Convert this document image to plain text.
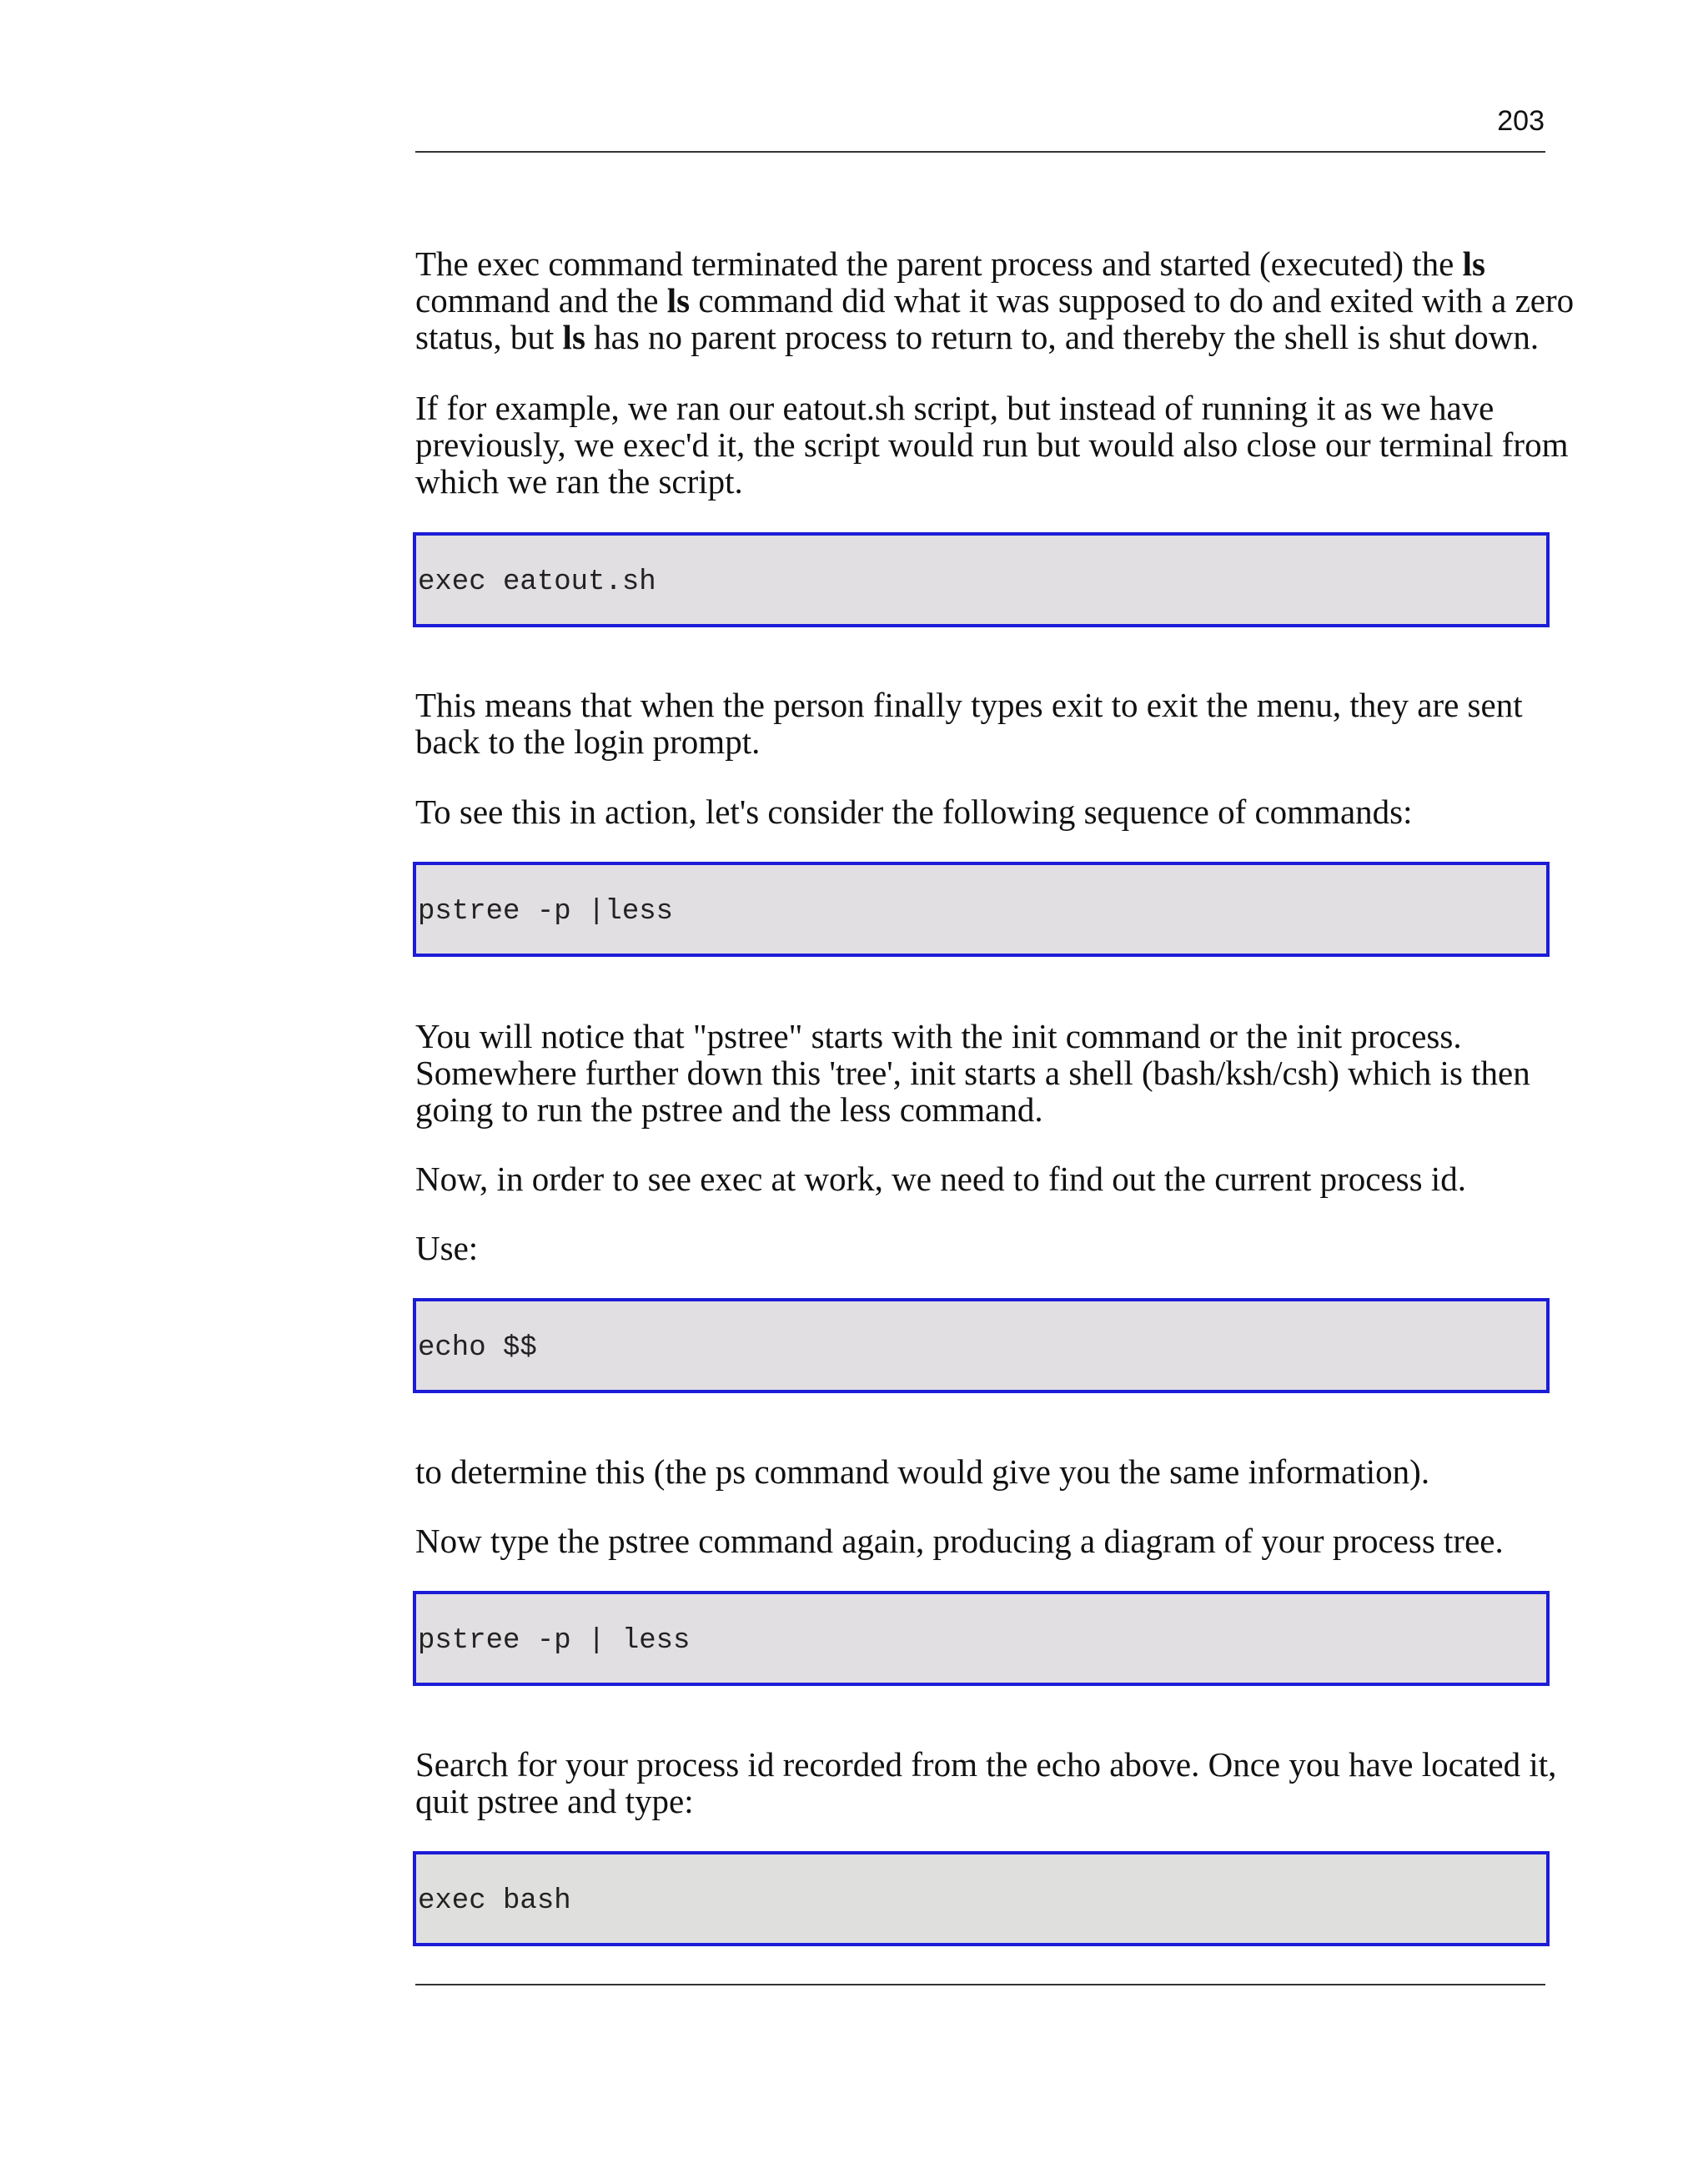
203

The exec command terminated the parent process and started (executed) the ls
command and the ls command did what it was supposed to do and exited with a zero
status, but ls has no parent process to return to, and thereby the shell is shut down.

If for example, we ran our eatout.sh script, but instead of running it as we have
previously, we exec'd it, the script would run but would also close our terminal from
which we ran the script.

exec eatout.sh

This means that when the person finally types exit to exit the menu, they are sent
back to the login prompt.

To see this in action, let's consider the following sequence of commands:

pstree -p |less

You will notice that "pstree" starts with the init command or the init process.
Somewhere further down this 'tree', init starts a shell (bash/ksh/csh) which is then
going to run the pstree and the less command.

Now, in order to see exec at work, we need to find out the current process id.

Use:

echo $$

to determine this (the ps command would give you the same information).

Now type the pstree command again, producing a diagram of your process tree.

pstree -p | less

Search for your process id recorded from the echo above. Once you have located it,
quit pstree and type:

exec bash
